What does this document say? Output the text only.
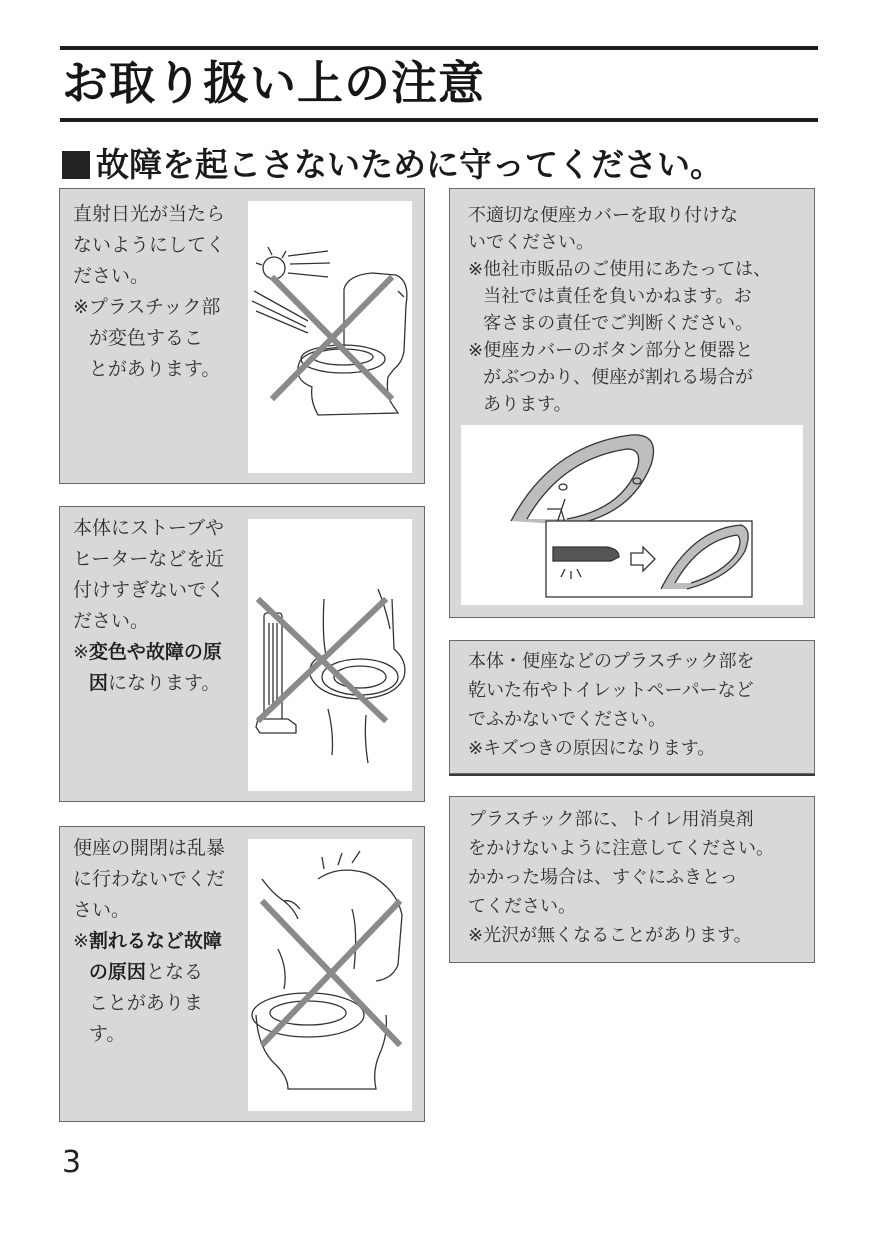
お取り扱い上の注意
故障を起こさないために守ってください。

直射日光が当たら

ないようにしてく

ださい。

※ プラスチック部
が変色するこ
とがあります。

本体にストーブや

ヒーターなどを近

付けすぎないでく

ださい。

※ 変色や故障の原
因になります。

便座の開閉は乱暴

に行わないでくだ

さい。

※ 割れるなど故障
の原因となる
ことがありま
す。

不適切な便座カバーを取り付けな

いでください。

※ 他社市販品のご使用にあたっては、
当社では責任を負いかねます。お
客さまの責任でご判断ください。
※ 便座カバーのボタン部分と便器と
がぶつかり、便座が割れる場合が
あります。

本体・便座などのプラスチック部を

乾いた布やトイレットペーパーなど

でふかないでください。

※キズつきの原因になります。

プラスチック部に、トイレ用消臭剤

をかけないように注意してください。

かかった場合は、すぐにふきとっ

てください。

※光沢が無くなることがあります。

3
